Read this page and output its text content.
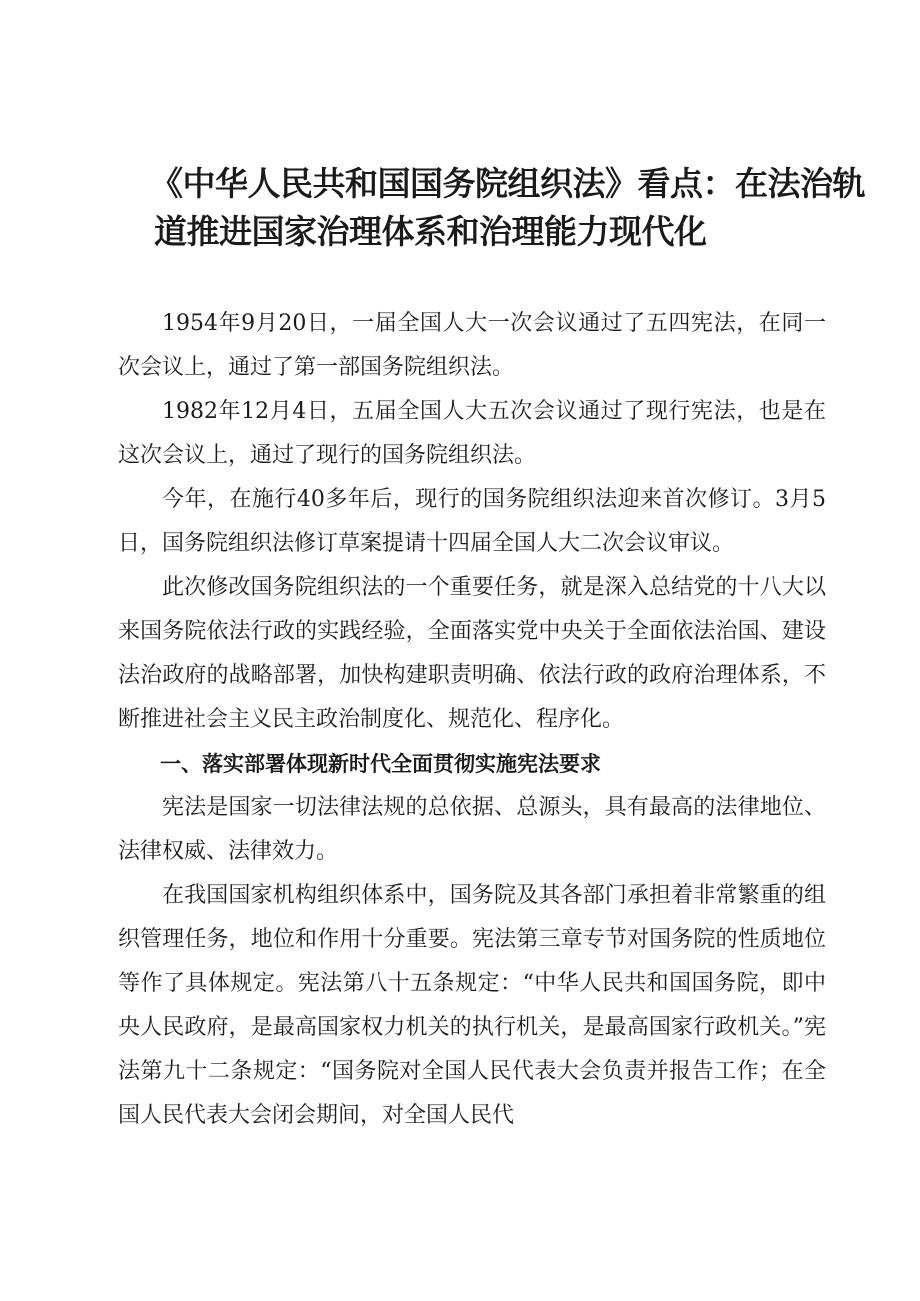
《中华人民共和国国务院组织法》看点：在法治轨
道推进国家治理体系和治理能力现代化

1954年9月20日，一届全国人大一次会议通过了五四宪法，在同一次会议上，通过了第一部国务院组织法。

1982年12月4日，五届全国人大五次会议通过了现行宪法，也是在这次会议上，通过了现行的国务院组织法。

今年，在施行40多年后，现行的国务院组织法迎来首次修订。3月5日，国务院组织法修订草案提请十四届全国人大二次会议审议。

此次修改国务院组织法的一个重要任务，就是深入总结党的十八大以来国务院依法行政的实践经验，全面落实党中央关于全面依法治国、建设法治政府的战略部署，加快构建职责明确、依法行政的政府治理体系，不断推进社会主义民主政治制度化、规范化、程序化。

一、落实部署体现新时代全面贯彻实施宪法要求

宪法是国家一切法律法规的总依据、总源头，具有最高的法律地位、法律权威、法律效力。

在我国国家机构组织体系中，国务院及其各部门承担着非常繁重的组织管理任务，地位和作用十分重要。宪法第三章专节对国务院的性质地位等作了具体规定。宪法第八十五条规定：“中华人民共和国国务院，即中央人民政府，是最高国家权力机关的执行机关，是最高国家行政机关。”宪法第九十二条规定：“国务院对全国人民代表大会负责并报告工作；在全国人民代表大会闭会期间，对全国人民代
